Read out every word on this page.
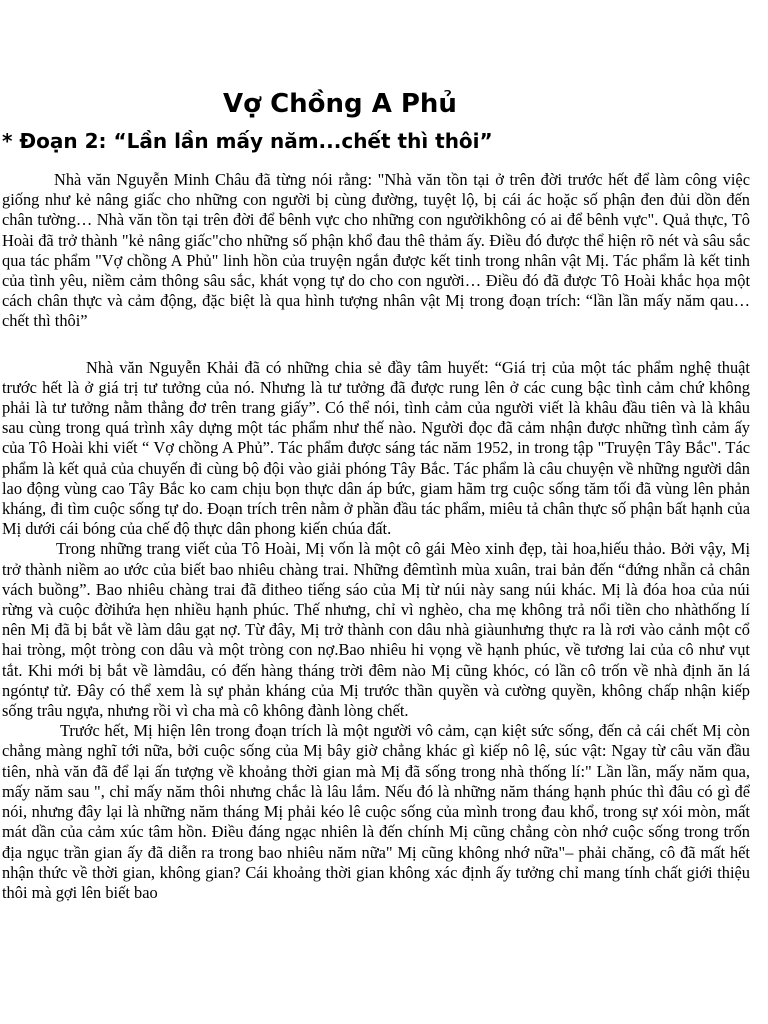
Vợ Chồng A Phủ
* Đoạn 2: “Lần lần mấy năm...chết thì thôi”

Nhà văn Nguyễn Minh Châu đã từng nói rằng: "Nhà văn tồn tại ở trên đời trước hết để làm công việc giống như kẻ nâng giấc cho những con người bị cùng đường, tuyệt lộ, bị cái ác hoặc số phận đen đủi dồn đến chân tường… Nhà văn tồn tại trên đời để bênh vực cho những con ngườikhông có ai để bênh vực". Quả thực, Tô Hoài đã trở thành "kẻ nâng giấc"cho những số phận khổ đau thê thảm ấy. Điều đó được thể hiện rõ nét và sâu sắc qua tác phẩm "Vợ chồng A Phủ" linh hồn của truyện ngắn được kết tinh trong nhân vật Mị. Tác phẩm là kết tinh của tình yêu, niềm cảm thông sâu sắc, khát vọng tự do cho con người… Điều đó đã được Tô Hoài khắc họa một cách chân thực và cảm động, đặc biệt là qua hình tượng nhân vật Mị trong đoạn trích: “lần lần mấy năm qau…chết thì thôi”

Nhà văn Nguyễn Khải đã có những chia sẻ đầy tâm huyết: “Giá trị của một tác phẩm nghệ thuật trước hết là ở giá trị tư tưởng của nó. Nhưng là tư tưởng đã được rung lên ở các cung bậc tình cảm chứ không phải là tư tưởng nằm thẳng đơ trên trang giấy”. Có thể nói, tình cảm của người viết là khâu đầu tiên và là khâu sau cùng trong quá trình xây dựng một tác phẩm như thế nào. Người đọc đã cảm nhận được những tình cảm ấy của Tô Hoài khi viết “ Vợ chồng A Phủ”. Tác phẩm được sáng tác năm 1952, in trong tập "Truyện Tây Bắc". Tác phẩm là kết quả của chuyến đi cùng bộ đội vào giải phóng Tây Bắc. Tác phẩm là câu chuyện về những người dân lao động vùng cao Tây Bắc ko cam chịu bọn thực dân áp bức, giam hãm trg cuộc sống tăm tối đã vùng lên phản kháng, đi tìm cuộc sống tự do. Đoạn trích trên nằm ở phần đầu tác phẩm, miêu tả chân thực số phận bất hạnh của Mị dưới cái bóng của chế độ thực dân phong kiến chúa đất.

Trong những trang viết của Tô Hoài, Mị vốn là một cô gái Mèo xinh đẹp, tài hoa,hiếu thảo. Bởi vậy, Mị trở thành niềm ao ước của biết bao nhiêu chàng trai. Những đêmtình mùa xuân, trai bản đến “đứng nhẵn cả chân vách buồng”. Bao nhiêu chàng trai đã đitheo tiếng sáo của Mị từ núi này sang núi khác. Mị là đóa hoa của núi rừng và cuộc đờihứa hẹn nhiều hạnh phúc. Thế nhưng, chỉ vì nghèo, cha mẹ không trả nổi tiền cho nhàthống lí nên Mị đã bị bắt về làm dâu gạt nợ. Từ đây, Mị trở thành con dâu nhà giàunhưng thực ra là rơi vào cảnh một cổ hai tròng, một tròng con dâu và một tròng con nợ.Bao nhiêu hi vọng về hạnh phúc, về tương lai của cô như vụt tắt. Khi mới bị bắt về làmdâu, có đến hàng tháng trời đêm nào Mị cũng khóc, có lần cô trốn về nhà định ăn lá ngóntự tử. Đây có thể xem là sự phản kháng của Mị trước thần quyền và cường quyền, không chấp nhận kiếp sống trâu ngựa, nhưng rồi vì cha mà cô không đành lòng chết.

Trước hết, Mị hiện lên trong đoạn trích là một người vô cảm, cạn kiệt sức sống, đến cả cái chết Mị còn chẳng màng nghĩ tới nữa, bởi cuộc sống của Mị bây giờ chẳng khác gì kiếp nô lệ, súc vật: Ngay từ câu văn đầu tiên, nhà văn đã để lại ấn tượng về khoảng thời gian mà Mị đã sống trong nhà thống lí:" Lần lần, mấy năm qua, mấy năm sau ", chỉ mấy năm thôi nhưng chắc là lâu lắm. Nếu đó là những năm tháng hạnh phúc thì đâu có gì để nói, nhưng đây lại là những năm tháng Mị phải kéo lê cuộc sống của mình trong đau khổ, trong sự xói mòn, mất mát dần của cảm xúc tâm hồn. Điều đáng ngạc nhiên là đến chính Mị cũng chẳng còn nhớ cuộc sống trong trốn địa ngục trần gian ấy đã diễn ra trong bao nhiêu năm nữa" Mị cũng không nhớ nữa"– phải chăng, cô đã mất hết nhận thức về thời gian, không gian? Cái khoảng thời gian không xác định ấy tưởng chỉ mang tính chất giới thiệu thôi mà gợi lên biết bao
